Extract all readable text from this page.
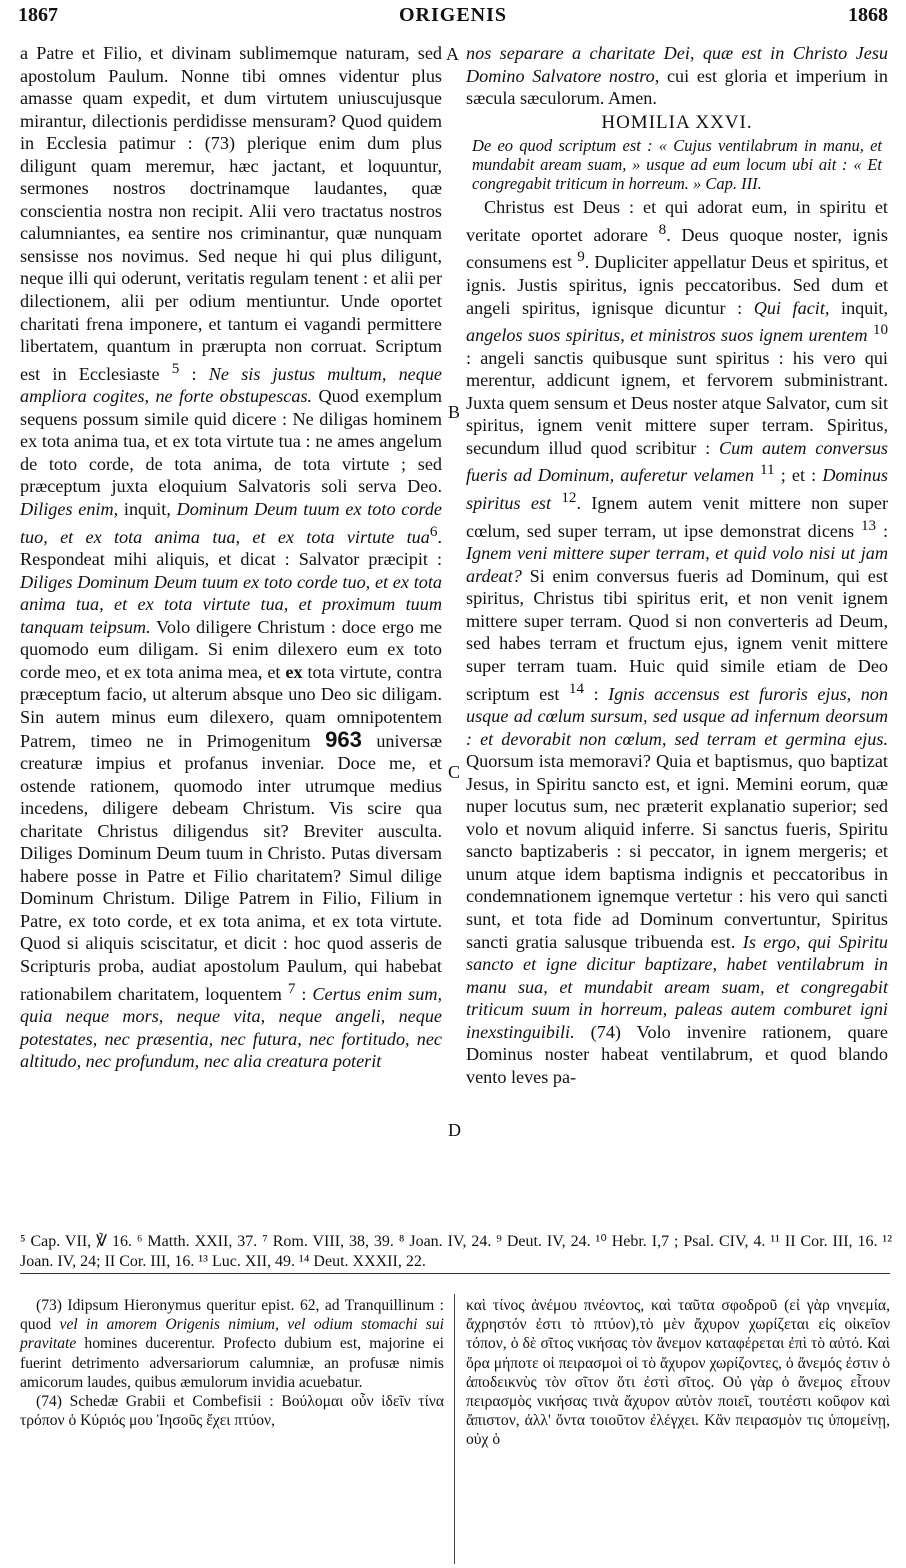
1867	ORIGENIS	1868
A
B
C
D

a Patre et Filio, et divinam sublimemque naturam, sed apostolum Paulum. Nonne tibi omnes videntur plus amasse quam expedit, et dum virtutem uniuscujusque mirantur, dilectionis perdidisse mensuram? Quod quidem in Ecclesia patimur : (73) plerique enim dum plus diligunt quam meremur, hæc jactant, et loquuntur, sermones nostros doctrinamque laudantes, quæ conscientia nostra non recipit. Alii vero tractatus nostros calumniantes, ea sentire nos criminantur, quæ nunquam sensisse nos novimus. Sed neque hi qui plus diligunt, neque illi qui oderunt, veritatis regulam tenent : et alii per dilectionem, alii per odium mentiuntur. Unde oportet charitati frena imponere, et tantum ei vagandi permittere libertatem, quantum in prærupta non corruat. Scriptum est in Ecclesiaste $^5$ : Ne sis justus multum, neque ampliora cogites, ne forte obstupescas. Quod exemplum sequens possum simile quid dicere : Ne diligas hominem ex tota anima tua, et ex tota virtute tua : ne ames angelum de toto corde, de tota anima, de tota virtute ; sed præceptum juxta eloquium Salvatoris soli serva Deo. Diliges enim, inquit, Dominum Deum tuum ex toto corde tuo, et ex tota anima tua, et ex tota virtute tua$^6$. Respondeat mihi aliquis, et dicat : Salvator præcipit : Diliges Dominum Deum tuum ex toto corde tuo, et ex tota anima tua, et ex tota virtute tua, et proximum tuum tanquam teipsum. Volo diligere Christum : doce ergo me quomodo eum diligam. Si enim dilexero eum ex toto corde meo, et ex tota anima mea, et ex tota virtute, contra præceptum facio, ut alterum absque uno Deo sic diligam. Sin autem minus eum dilexero, quam omnipotentem Patrem, timeo ne in Primogenitum 963 universæ creaturæ impius et profanus inveniar. Doce me, et ostende rationem, quomodo inter utrumque medius incedens, diligere debeam Christum. Vis scire qua charitate Christus diligendus sit? Breviter ausculta. Diliges Dominum Deum tuum in Christo. Putas diversam habere posse in Patre et Filio charitatem? Simul dilige Dominum Christum. Dilige Patrem in Filio, Filium in Patre, ex toto corde, et ex tota anima, et ex tota virtute. Quod si aliquis sciscitatur, et dicit : hoc quod asseris de Scripturis proba, audiat apostolum Paulum, qui habebat rationabilem charitatem, loquentem $^7$ : Certus enim sum, quia neque mors, neque vita, neque angeli, neque potestates, nec præsentia, nec futura, nec fortitudo, nec altitudo, nec profundum, nec alia creatura poterit

nos separare a charitate Dei, quæ est in Christo Jesu Domino Salvatore nostro, cui est gloria et imperium in sæcula sæculorum. Amen.

HOMILIA XXVI.
De eo quod scriptum est : « Cujus ventilabrum in manu, et mundabit aream suam, » usque ad eum locum ubi ait : « Et congregabit triticum in horreum. » Cap. III.

Christus est Deus : et qui adorat eum, in spiritu et veritate oportet adorare $^8$. Deus quoque noster, ignis consumens est $^9$. Dupliciter appellatur Deus et spiritus, et ignis. Justis spiritus, ignis peccatoribus. Sed dum et angeli spiritus, ignisque dicuntur : Qui facit, inquit, angelos suos spiritus, et ministros suos ignem urentem $^{10}$ : angeli sanctis quibusque sunt spiritus : his vero qui merentur, addicunt ignem, et fervorem subministrant. Juxta quem sensum et Deus noster atque Salvator, cum sit spiritus, ignem venit mittere super terram. Spiritus, secundum illud quod scribitur : Cum autem conversus fueris ad Dominum, auferetur velamen $^{11}$ ; et : Dominus spiritus est $^{12}$. Ignem autem venit mittere non super cœlum, sed super terram, ut ipse demonstrat dicens $^{13}$ : Ignem veni mittere super terram, et quid volo nisi ut jam ardeat? Si enim conversus fueris ad Dominum, qui est spiritus, Christus tibi spiritus erit, et non venit ignem mittere super terram. Quod si non converteris ad Deum, sed habes terram et fructum ejus, ignem venit mittere super terram tuam. Huic quid simile etiam de Deo scriptum est $^{14}$ : Ignis accensus est furoris ejus, non usque ad cœlum sursum, sed usque ad infernum deorsum : et devorabit non cœlum, sed terram et germina ejus. Quorsum ista memoravi? Quia et baptismus, quo baptizat Jesus, in Spiritu sancto est, et igni. Memini eorum, quæ nuper locutus sum, nec præterit explanatio superior; sed volo et novum aliquid inferre. Si sanctus fueris, Spiritu sancto baptizaberis : si peccator, in ignem mergeris; et unum atque idem baptisma indignis et peccatoribus in condemnationem ignemque vertetur : his vero qui sancti sunt, et tota fide ad Dominum convertuntur, Spiritus sancti gratia salusque tribuenda est. Is ergo, qui Spiritu sancto et igne dicitur baptizare, habet ventilabrum in manu sua, et mundabit aream suam, et congregabit triticum suum in horreum, paleas autem comburet igni inexstinguibili. (74) Volo invenire rationem, quare Dominus noster habeat ventilabrum, et quod blando vento leves pa-

⁵ Cap. VII, ℣ 16. ⁶ Matth. XXII, 37. ⁷ Rom. VIII, 38, 39. ⁸ Joan. IV, 24. ⁹ Deut. IV, 24. ¹⁰ Hebr. I,7 ; Psal. CIV, 4. ¹¹ II Cor. III, 16. ¹² Joan. IV, 24; II Cor. III, 16. ¹³ Luc. XII, 49. ¹⁴ Deut. XXXII, 22.

(73) Idipsum Hieronymus queritur epist. 62, ad Tranquillinum : quod vel in amorem Origenis nimium, vel odium stomachi sui pravitate homines ducerentur. Profecto dubium est, majorine ei fuerint detrimento adversariorum calumniæ, an profusæ nimis amicorum laudes, quibus æmulorum invidia acuebatur.

(74) Schedæ Grabii et Combefisii : Βούλομαι οὖν ἰδεῖν τίνα τρόπον ὁ Κύριός μου Ἰησοῦς ἔχει πτύον,

καὶ τίνος ἀνέμου πνέοντος, καὶ ταῦτα σφοδροῦ (εἰ γὰρ νηνεμία, ἄχρηστόν ἐστι τὸ πτύον),τὸ μὲν ἄχυρον χωρίζεται εἰς οἰκεῖον τόπον, ὁ δὲ σῖτος νικήσας τὸν ἄνεμον καταφέρεται ἐπὶ τὸ αὐτό. Καὶ ὅρα μήποτε οἱ πειρασμοὶ οἱ τὸ ἄχυρον χωρίζοντες, ὁ ἄνεμός ἐστιν ὁ ἀποδεικνὺς τὸν σῖτον ὅτι ἐστὶ σῖτος. Οὐ γὰρ ὁ ἄνεμος εἶτουν πειρασμὸς νικήσας τινὰ ἄχυρον αὐτὸν ποιεῖ, τουτέστι κοῦφον καὶ ἄπιστον, ἀλλ' ὄντα τοιοῦτον ἐλέγχει. Κἂν πειρασμὸν τις ὑπομείνῃ, οὐχ ὁ
